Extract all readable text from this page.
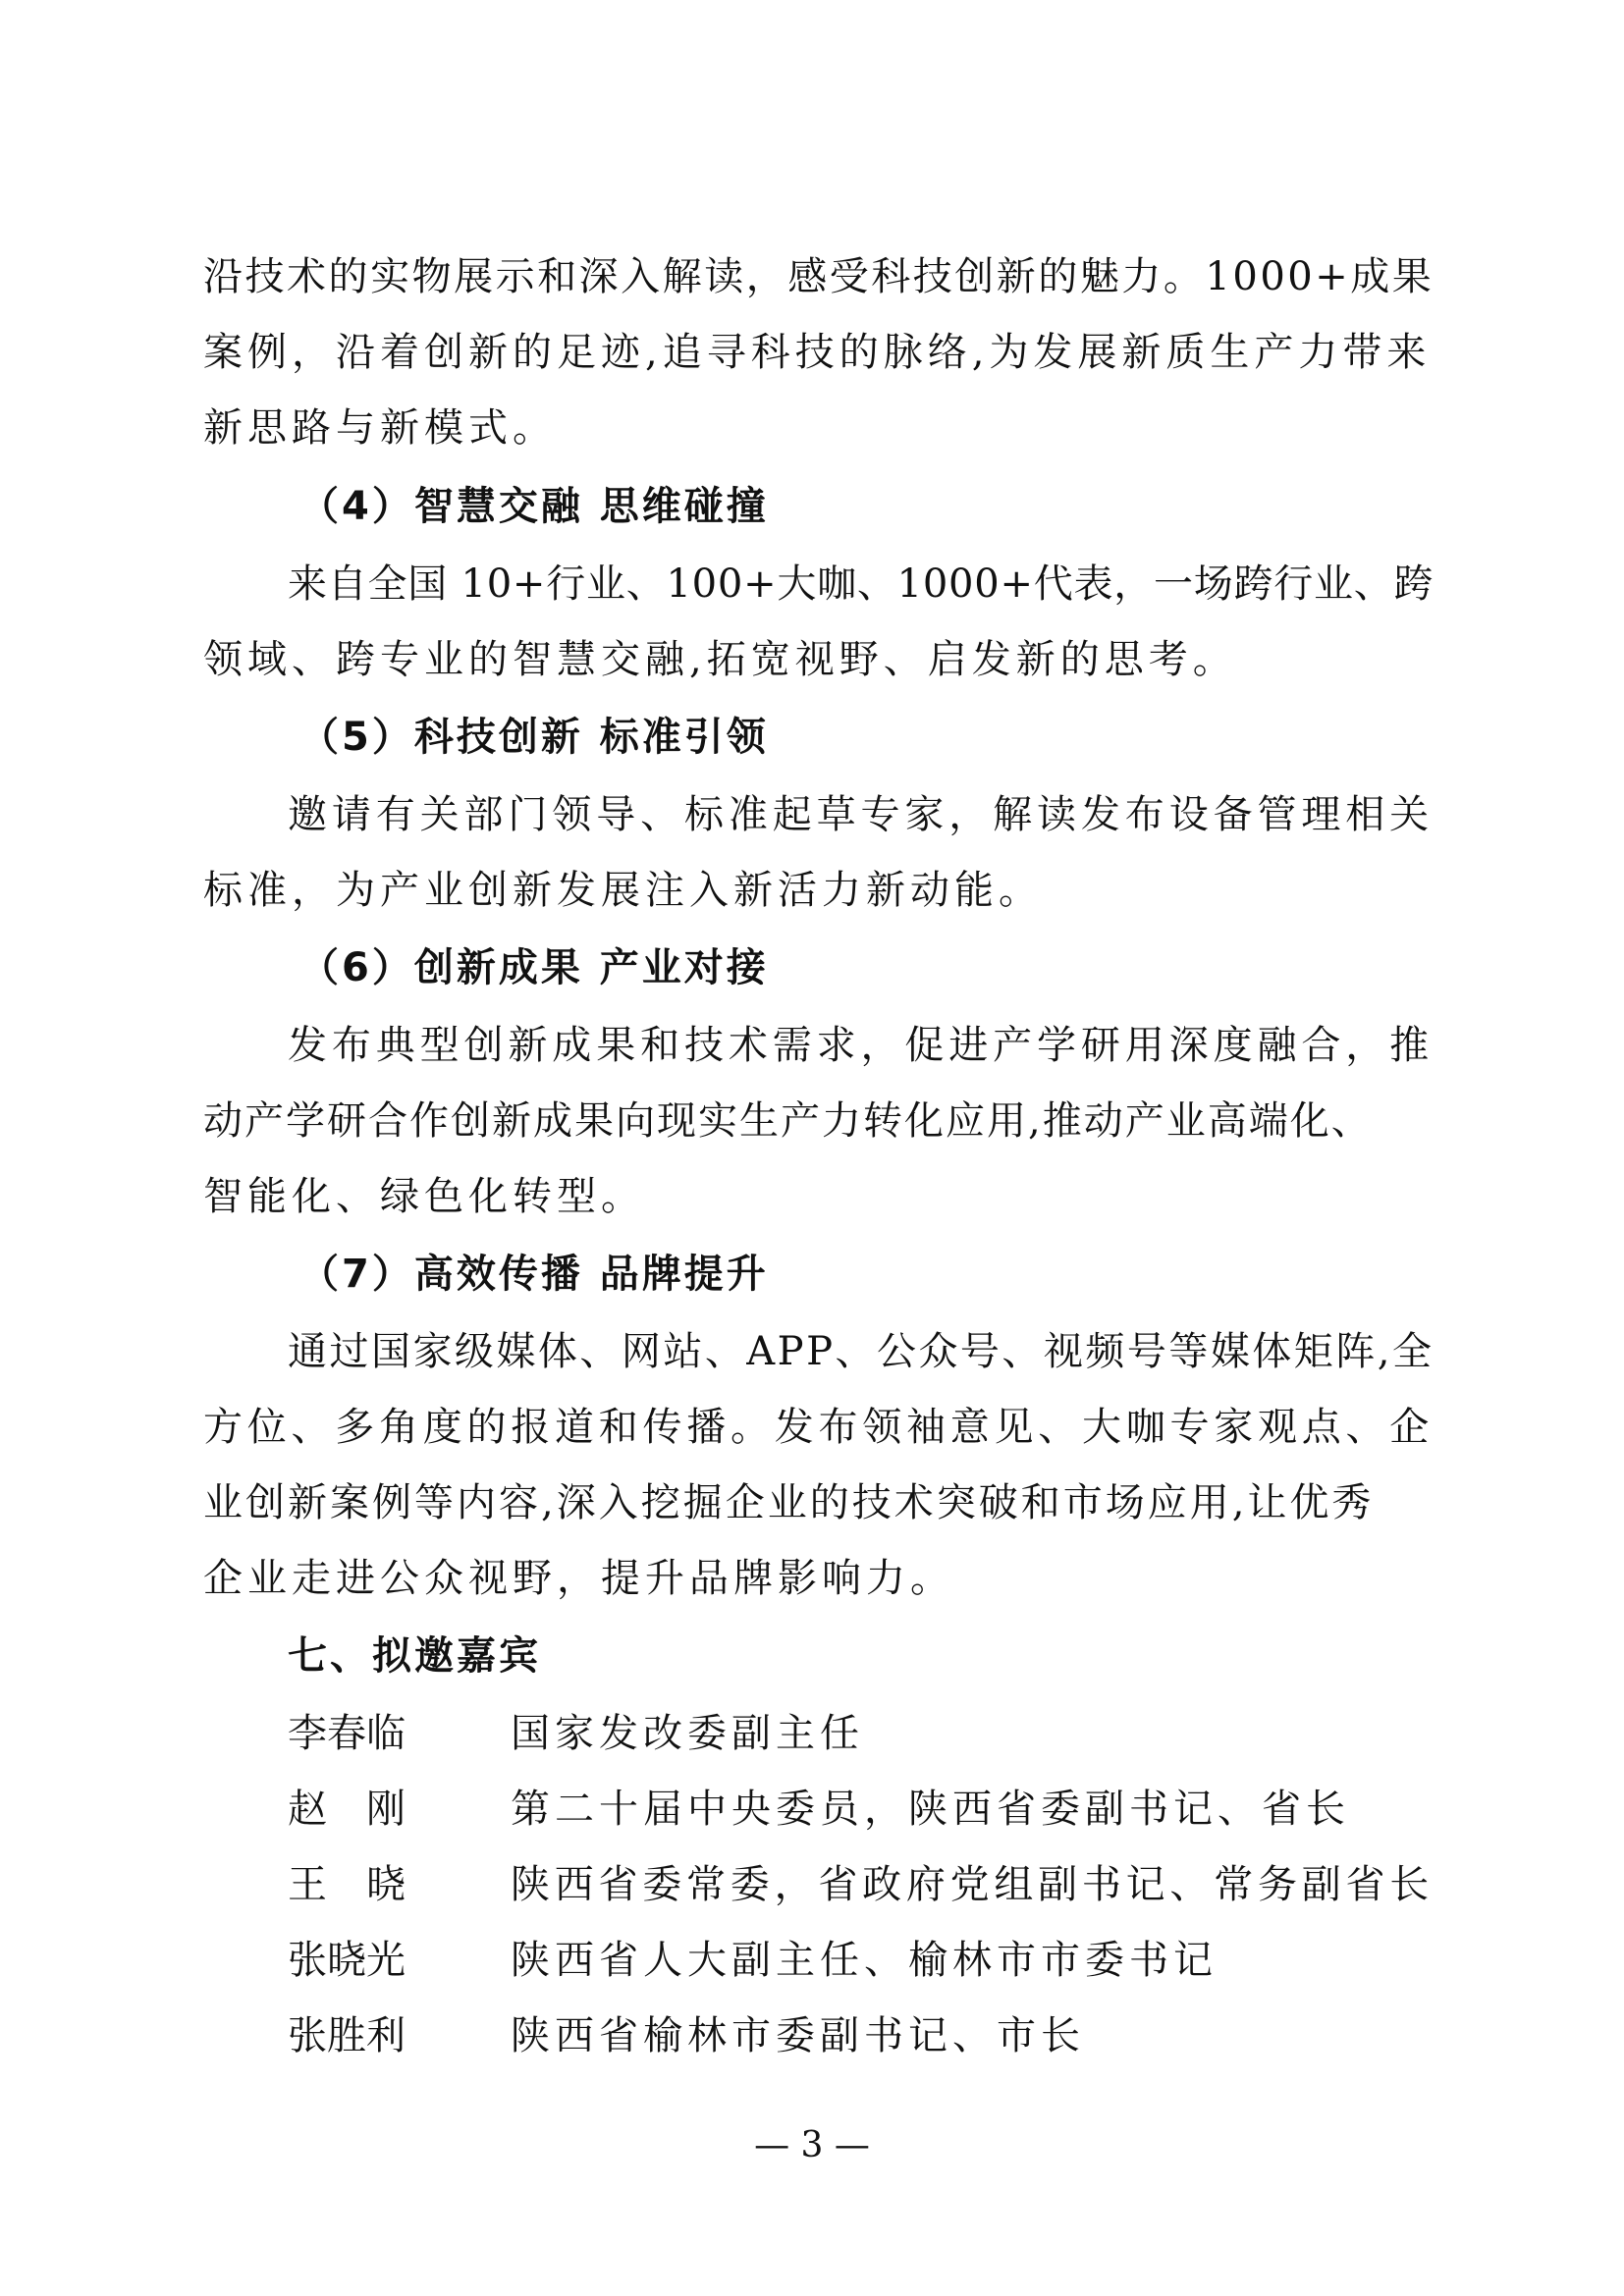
沿技术的实物展示和深入解读，感受科技创新的魅力。1000+成果
案例，沿着创新的足迹,追寻科技的脉络,为发展新质生产力带来
新思路与新模式。
（4）智慧交融 思维碰撞
来自全国 10+行业、100+大咖、1000+代表，一场跨行业、跨
领域、跨专业的智慧交融,拓宽视野、启发新的思考。
（5）科技创新 标准引领
邀请有关部门领导、标准起草专家，解读发布设备管理相关
标准，为产业创新发展注入新活力新动能。
（6）创新成果 产业对接
发布典型创新成果和技术需求，促进产学研用深度融合，推
动产学研合作创新成果向现实生产力转化应用,推动产业高端化、
智能化、绿色化转型。
（7）高效传播 品牌提升
通过国家级媒体、网站、APP、公众号、视频号等媒体矩阵,全
方位、多角度的报道和传播。发布领袖意见、大咖专家观点、企
业创新案例等内容,深入挖掘企业的技术突破和市场应用,让优秀
企业走进公众视野，提升品牌影响力。
七、拟邀嘉宾
李春临	国家发改委副主任
赵　刚	第二十届中央委员，陕西省委副书记、省长
王　晓	陕西省委常委，省政府党组副书记、常务副省长
张晓光	陕西省人大副主任、榆林市市委书记
张胜利	陕西省榆林市委副书记、市长
— 3 —
